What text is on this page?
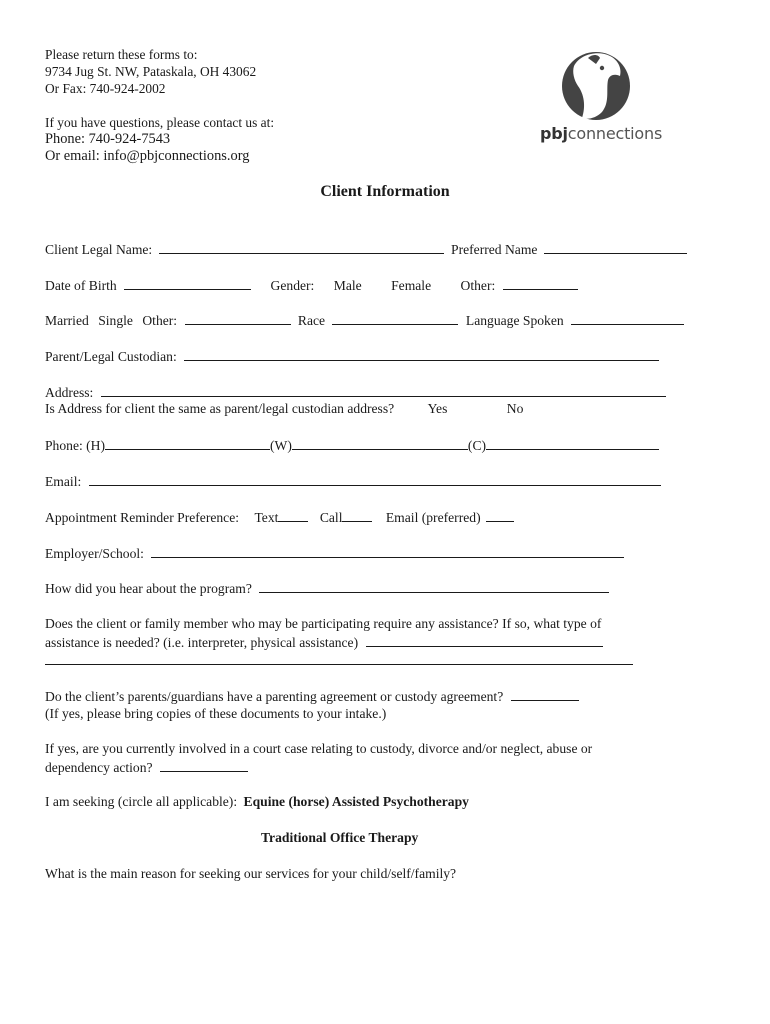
Please return these forms to:
9734 Jug St. NW, Pataskala, OH 43062
Or Fax: 740-924-2002
If you have questions, please contact us at:
Phone: 740-924-7543
Or email: info@pbjconnections.org
pbjconnections
Client Information
Client Legal Name:	Preferred Name
Date of Birth	Gender: Male Female Other:
Married Single Other:	Race	Language Spoken
Parent/Legal Custodian:
Address:
Is Address for client the same as parent/legal custodian address? Yes	No
Phone: (H)	(W)	(C)
Email:
Appointment Reminder Preference: Text	Call	Email (preferred)
Employer/School:
How did you hear about the program?
Does the client or family member who may be participating require any assistance? If so, what type of
assistance is needed? (i.e. interpreter, physical assistance)
Do the client’s parents/guardians have a parenting agreement or custody agreement?
(If yes, please bring copies of these documents to your intake.)
If yes, are you currently involved in a court case relating to custody, divorce and/or neglect, abuse or
dependency action?
I am seeking (circle all applicable): Equine (horse) Assisted Psychotherapy
Traditional Office Therapy
What is the main reason for seeking our services for your child/self/family?
